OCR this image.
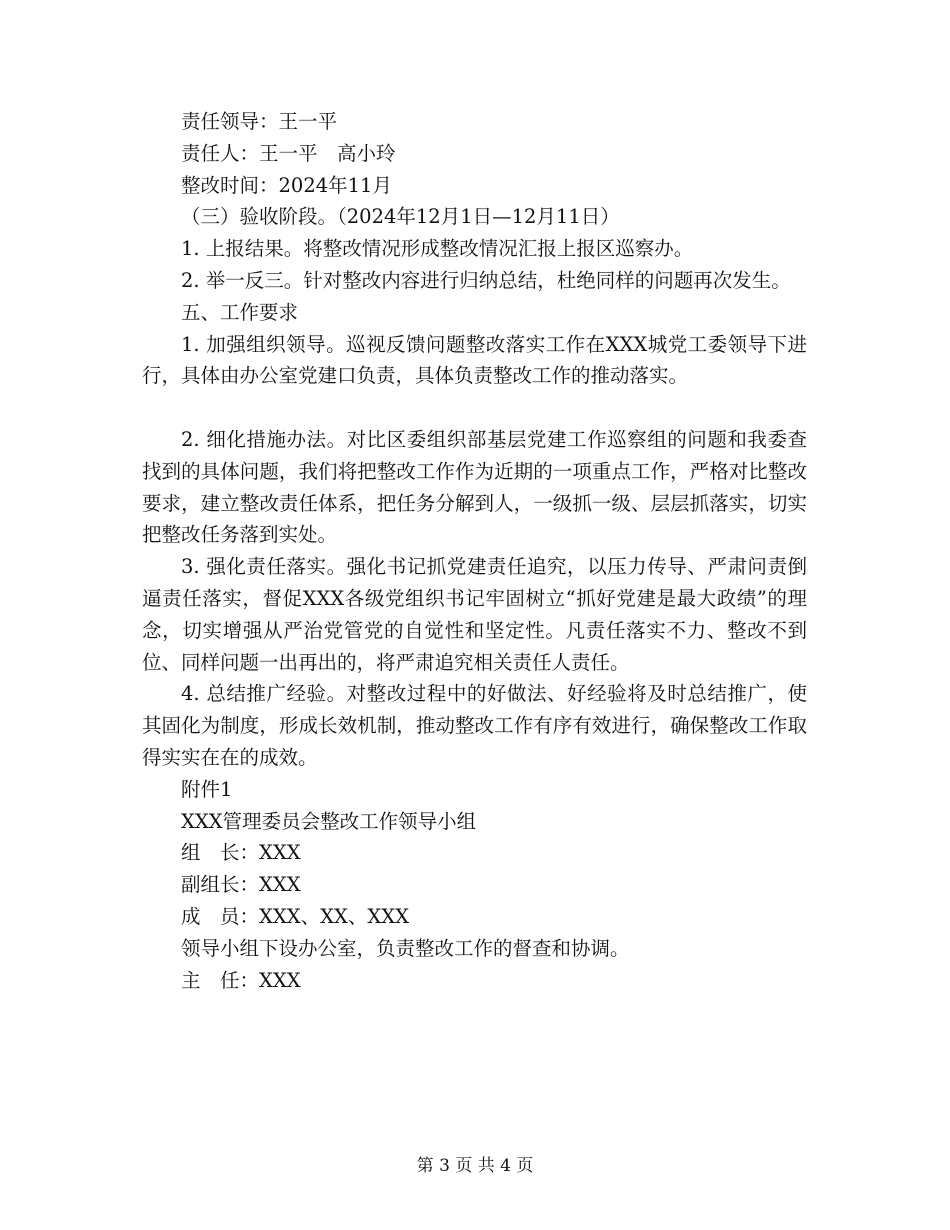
责任领导：王一平

责任人：王一平　高小玲

整改时间：2024年11月

（三）验收阶段。（2024年12月1日—12月11日）

1. 上报结果。将整改情况形成整改情况汇报上报区巡察办。

2. 举一反三。针对整改内容进行归纳总结，杜绝同样的问题再次发生。

五、工作要求

1. 加强组织领导。巡视反馈问题整改落实工作在XXX城党工委领导下进行，具体由办公室党建口负责，具体负责整改工作的推动落实。

2. 细化措施办法。对比区委组织部基层党建工作巡察组的问题和我委查找到的具体问题，我们将把整改工作作为近期的一项重点工作，严格对比整改要求，建立整改责任体系，把任务分解到人，一级抓一级、层层抓落实，切实把整改任务落到实处。

3. 强化责任落实。强化书记抓党建责任追究，以压力传导、严肃问责倒逼责任落实，督促XXX各级党组织书记牢固树立“抓好党建是最大政绩”的理念，切实增强从严治党管党的自觉性和坚定性。凡责任落实不力、整改不到位、同样问题一出再出的，将严肃追究相关责任人责任。

4. 总结推广经验。对整改过程中的好做法、好经验将及时总结推广，使其固化为制度，形成长效机制，推动整改工作有序有效进行，确保整改工作取得实实在在的成效。

附件1

XXX管理委员会整改工作领导小组

组　长：XXX

副组长：XXX

成　员：XXX、XX、XXX

领导小组下设办公室，负责整改工作的督查和协调。

主　任：XXX

第 3 页 共 4 页
